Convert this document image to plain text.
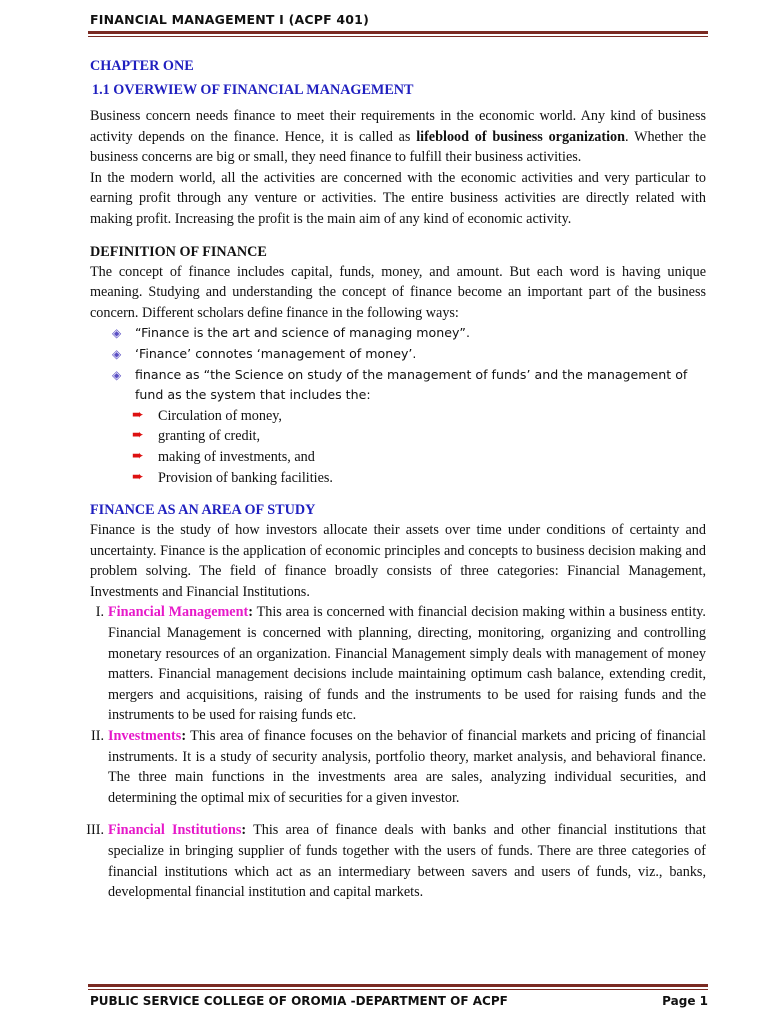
FINANCIAL MANAGEMENT I (ACPF 401)
CHAPTER ONE
1.1 OVERWIEW OF FINANCIAL MANAGEMENT

Business concern needs finance to meet their requirements in the economic world. Any kind of business activity depends on the finance. Hence, it is called as lifeblood of business organization. Whether the business concerns are big or small, they need finance to fulfill their business activities.

In the modern world, all the activities are concerned with the economic activities and very particular to earning profit through any venture or activities. The entire business activities are directly related with making profit. Increasing the profit is the main aim of any kind of economic activity.

DEFINITION OF FINANCE

The concept of finance includes capital, funds, money, and amount. But each word is having unique meaning. Studying and understanding the concept of finance become an important part of the business concern. Different scholars define finance in the following ways:

◈ “Finance is the art and science of managing money”.
◈ ‘Finance’ connotes ‘management of money’.
◈ finance as “the Science on study of the management of funds’ and the management of fund as the system that includes the:
➨ Circulation of money,
➨ granting of credit,
➨ making of investments, and
➨ Provision of banking facilities.
FINANCE AS AN AREA OF STUDY

Finance is the study of how investors allocate their assets over time under conditions of certainty and uncertainty. Finance is the application of economic principles and concepts to business decision making and problem solving. The field of finance broadly consists of three categories: Financial Management, Investments and Financial Institutions.

I. Financial Management: This area is concerned with financial decision making within a business entity. Financial Management is concerned with planning, directing, monitoring, organizing and controlling monetary resources of an organization. Financial Management simply deals with management of money matters. Financial management decisions include maintaining optimum cash balance, extending credit, mergers and acquisitions, raising of funds and the instruments to be used for raising funds and the instruments to be used for raising funds etc.

II. Investments: This area of finance focuses on the behavior of financial markets and pricing of financial instruments. It is a study of security analysis, portfolio theory, market analysis, and behavioral finance. The three main functions in the investments area are sales, analyzing individual securities, and determining the optimal mix of securities for a given investor.

III. Financial Institutions: This area of finance deals with banks and other financial institutions that specialize in bringing supplier of funds together with the users of funds. There are three categories of financial institutions which act as an intermediary between savers and users of funds, viz., banks, developmental financial institution and capital markets.

PUBLIC SERVICE COLLEGE OF OROMIA -DEPARTMENT OF ACPF	Page 1
